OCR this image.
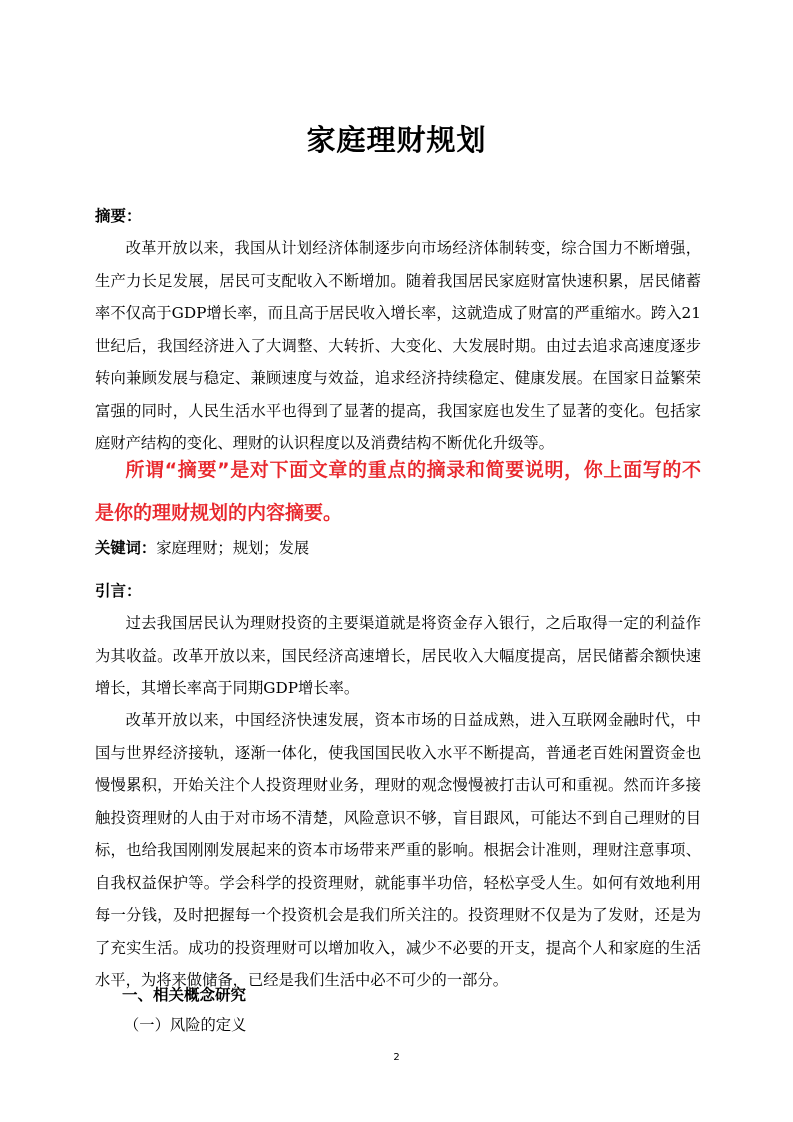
家庭理财规划
摘要：
改革开放以来，我国从计划经济体制逐步向市场经济体制转变，综合国力不断增强，生产力长足发展，居民可支配收入不断增加。随着我国居民家庭财富快速积累，居民储蓄率不仅高于GDP增长率，而且高于居民收入增长率，这就造成了财富的严重缩水。跨入21世纪后，我国经济进入了大调整、大转折、大变化、大发展时期。由过去追求高速度逐步转向兼顾发展与稳定、兼顾速度与效益，追求经济持续稳定、健康发展。在国家日益繁荣富强的同时，人民生活水平也得到了显著的提高，我国家庭也发生了显著的变化。包括家庭财产结构的变化、理财的认识程度以及消费结构不断优化升级等。
所谓“摘要”是对下面文章的重点的摘录和简要说明，你上面写的不是你的理财规划的内容摘要。
关键词：家庭理财；规划；发展
引言：
过去我国居民认为理财投资的主要渠道就是将资金存入银行，之后取得一定的利益作为其收益。改革开放以来，国民经济高速增长，居民收入大幅度提高，居民储蓄余额快速增长，其增长率高于同期GDP增长率。
改革开放以来，中国经济快速发展，资本市场的日益成熟，进入互联网金融时代，中国与世界经济接轨，逐渐一体化，使我国国民收入水平不断提高，普通老百姓闲置资金也慢慢累积，开始关注个人投资理财业务，理财的观念慢慢被打击认可和重视。然而许多接触投资理财的人由于对市场不清楚，风险意识不够，盲目跟风，可能达不到自己理财的目标，也给我国刚刚发展起来的资本市场带来严重的影响。根据会计准则，理财注意事项、自我权益保护等。学会科学的投资理财，就能事半功倍，轻松享受人生。如何有效地利用每一分钱，及时把握每一个投资机会是我们所关注的。投资理财不仅是为了发财，还是为了充实生活。成功的投资理财可以增加收入，减少不必要的开支，提高个人和家庭的生活水平，为将来做储备，已经是我们生活中必不可少的一部分。
一、相关概念研究
（一）风险的定义
2
